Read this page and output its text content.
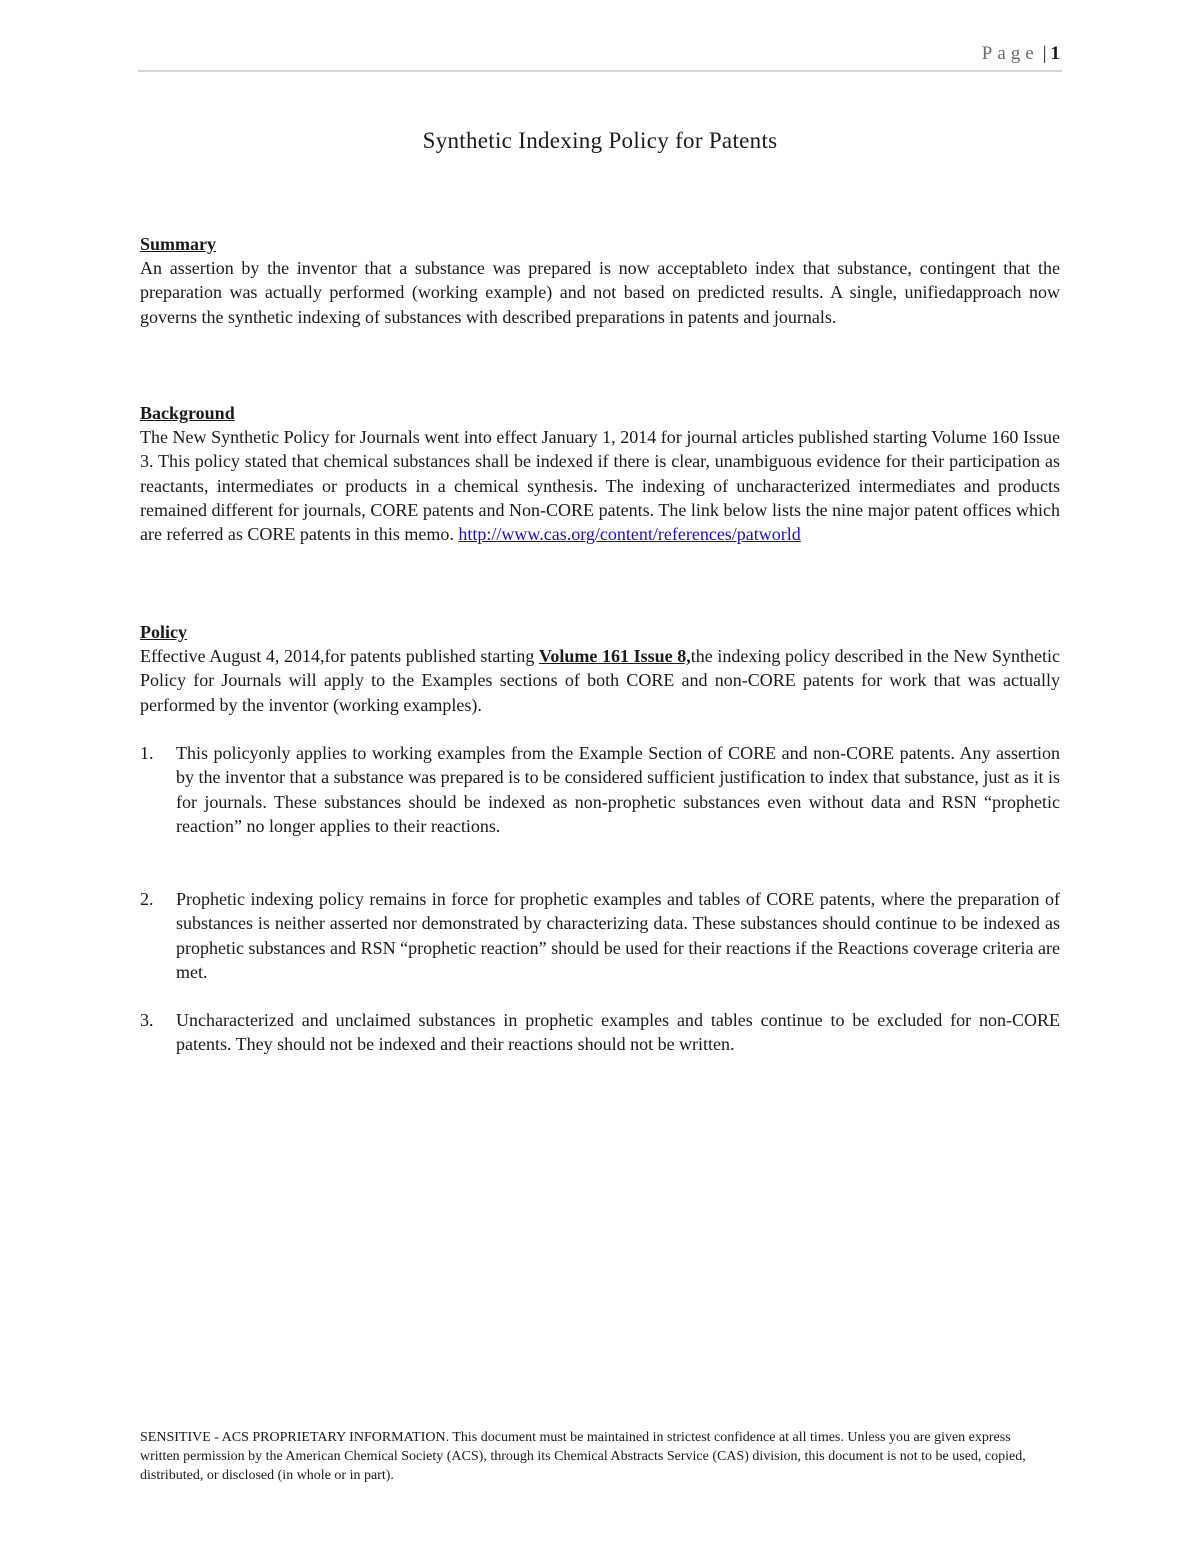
Page | 1
Synthetic Indexing Policy for Patents

Summary

An assertion by the inventor that a substance was prepared is now acceptableto index that substance, contingent that the preparation was actually performed (working example) and not based on predicted results. A single, unifiedapproach now governs the synthetic indexing of substances with described preparations in patents and journals.

Background

The New Synthetic Policy for Journals went into effect January 1, 2014 for journal articles published starting Volume 160 Issue 3. This policy stated that chemical substances shall be indexed if there is clear, unambiguous evidence for their participation as reactants, intermediates or products in a chemical synthesis. The indexing of uncharacterized intermediates and products remained different for journals, CORE patents and Non-CORE patents. The link below lists the nine major patent offices which are referred as CORE patents in this memo. http://www.cas.org/content/references/patworld

Policy

Effective August 4, 2014,for patents published starting Volume 161 Issue 8,the indexing policy described in the New Synthetic Policy for Journals will apply to the Examples sections of both CORE and non-CORE patents for work that was actually performed by the inventor (working examples).

1. This policyonly applies to working examples from the Example Section of CORE and non-CORE patents. Any assertion by the inventor that a substance was prepared is to be considered sufficient justification to index that substance, just as it is for journals. These substances should be indexed as non-prophetic substances even without data and RSN “prophetic reaction” no longer applies to their reactions.
2. Prophetic indexing policy remains in force for prophetic examples and tables of CORE patents, where the preparation of substances is neither asserted nor demonstrated by characterizing data. These substances should continue to be indexed as prophetic substances and RSN “prophetic reaction” should be used for their reactions if the Reactions coverage criteria are met.
3. Uncharacterized and unclaimed substances in prophetic examples and tables continue to be excluded for non-CORE patents. They should not be indexed and their reactions should not be written.
SENSITIVE - ACS PROPRIETARY INFORMATION. This document must be maintained in strictest confidence at all times. Unless you are given express written permission by the American Chemical Society (ACS), through its Chemical Abstracts Service (CAS) division, this document is not to be used, copied, distributed, or disclosed (in whole or in part).
